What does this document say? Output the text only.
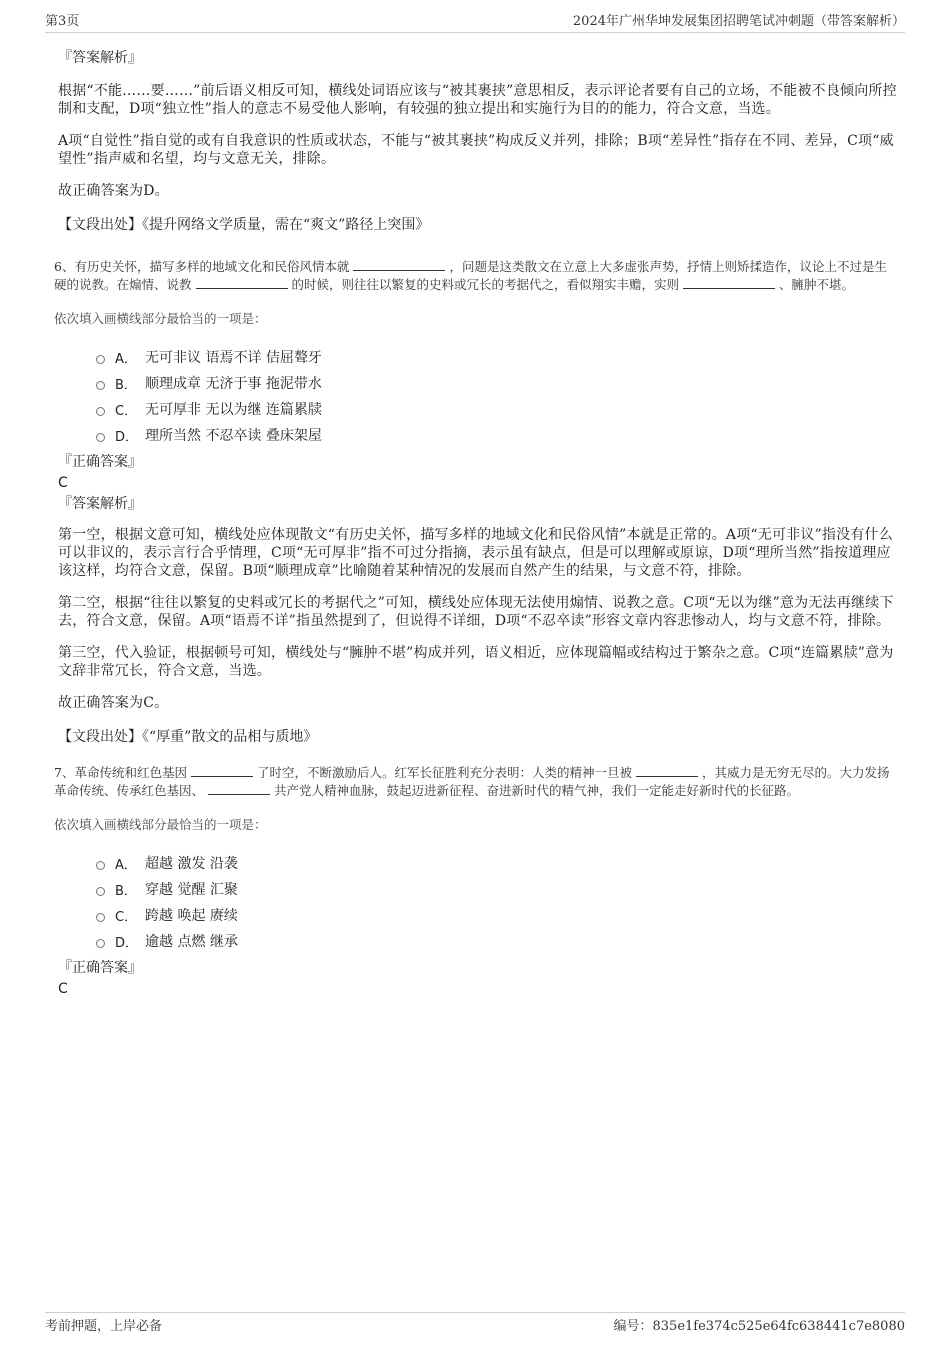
第3页	2024年广州华坤发展集团招聘笔试冲刺题（带答案解析）
『答案解析』

根据“不能……要……”前后语义相反可知，横线处词语应该与“被其裹挟”意思相反，表示评论者要有自己的立场，不能被不良倾向所控制和支配，D项“独立性”指人的意志不易受他人影响，有较强的独立提出和实施行为目的的能力，符合文意，当选。

A项“自觉性”指自觉的或有自我意识的性质或状态，不能与“被其裹挟”构成反义并列，排除；B项“差异性”指存在不同、差异，C项“威望性”指声威和名望，均与文意无关，排除。

故正确答案为D。

【文段出处】《提升网络文学质量，需在“爽文”路径上突围》

6、有历史关怀，描写多样的地域文化和民俗风情本就	，问题是这类散文在立意上大多虚张声势，抒情上则矫揉造作，议论上不过是生硬的说教。在煽情、说教	的时候，则往往以繁复的史料或冗长的考据代之，看似翔实丰赡，实则	、臃肿不堪。

依次填入画横线部分最恰当的一项是：

A． 无可非议 语焉不详 佶屈聱牙
B． 顺理成章 无济于事 拖泥带水
C． 无可厚非 无以为继 连篇累牍
D． 理所当然 不忍卒读 叠床架屋
『正确答案』
C
『答案解析』

第一空，根据文意可知，横线处应体现散文“有历史关怀，描写多样的地域文化和民俗风情”本就是正常的。A项“无可非议”指没有什么可以非议的，表示言行合乎情理，C项“无可厚非”指不可过分指摘，表示虽有缺点，但是可以理解或原谅，D项“理所当然”指按道理应该这样，均符合文意，保留。B项“顺理成章”比喻随着某种情况的发展而自然产生的结果，与文意不符，排除。

第二空，根据“往往以繁复的史料或冗长的考据代之”可知，横线处应体现无法使用煽情、说教之意。C项“无以为继”意为无法再继续下去，符合文意，保留。A项“语焉不详”指虽然提到了，但说得不详细，D项“不忍卒读”形容文章内容悲惨动人，均与文意不符，排除。

第三空，代入验证，根据顿号可知，横线处与“臃肿不堪”构成并列，语义相近，应体现篇幅或结构过于繁杂之意。C项“连篇累牍”意为文辞非常冗长，符合文意，当选。

故正确答案为C。

【文段出处】《“厚重”散文的品相与质地》

7、革命传统和红色基因	了时空，不断激励后人。红军长征胜利充分表明：人类的精神一旦被	，其威力是无穷无尽的。大力发扬革命传统、传承红色基因、	共产党人精神血脉，鼓起迈进新征程、奋进新时代的精气神，我们一定能走好新时代的长征路。

依次填入画横线部分最恰当的一项是：

A． 超越 激发 沿袭
B． 穿越 觉醒 汇聚
C． 跨越 唤起 赓续
D． 逾越 点燃 继承
『正确答案』
C
考前押题，上岸必备	编号：835e1fe374c525e64fc638441c7e8080
